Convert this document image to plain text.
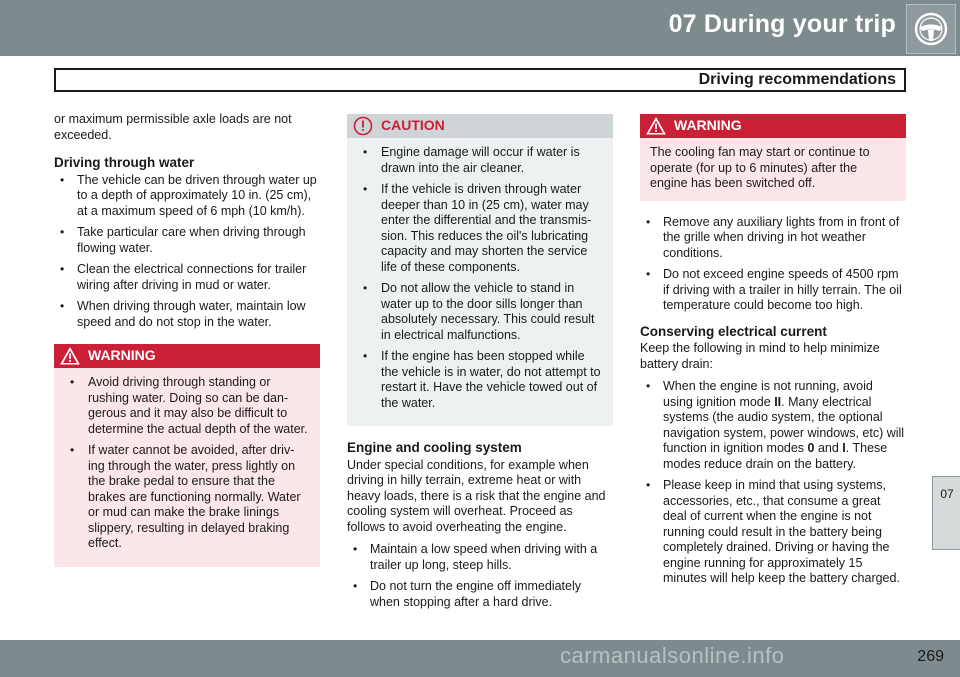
07 During your trip
Driving recommendations

or maximum permissible axle loads are not exceeded.

Driving through water
• The vehicle can be driven through water up to a depth of approximately 10 in. (25 cm), at a maximum speed of 6 mph (10 km/h).
• Take particular care when driving through flowing water.
• Clean the electrical connections for trailer wiring after driving in mud or water.
• When driving through water, maintain low speed and do not stop in the water.
WARNING
• Avoid driving through standing or rushing water. Doing so can be dan-gerous and it may also be difficult to determine the actual depth of the water.
• If water cannot be avoided, after driv-ing through the water, press lightly on the brake pedal to ensure that the brakes are functioning normally. Water or mud can make the brake linings slippery, resulting in delayed braking effect.
CAUTION
• Engine damage will occur if water is drawn into the air cleaner.
• If the vehicle is driven through water deeper than 10 in (25 cm), water may enter the differential and the transmis-sion. This reduces the oil's lubricating capacity and may shorten the service life of these components.
• Do not allow the vehicle to stand in water up to the door sills longer than absolutely necessary. This could result in electrical malfunctions.
• If the engine has been stopped while the vehicle is in water, do not attempt to restart it. Have the vehicle towed out of the water.
Engine and cooling system

Under special conditions, for example when driving in hilly terrain, extreme heat or with heavy loads, there is a risk that the engine and cooling system will overheat. Proceed as follows to avoid overheating the engine.

• Maintain a low speed when driving with a trailer up long, steep hills.
• Do not turn the engine off immediately when stopping after a hard drive.
WARNING

The cooling fan may start or continue to operate (for up to 6 minutes) after the engine has been switched off.

• Remove any auxiliary lights from in front of the grille when driving in hot weather conditions.
• Do not exceed engine speeds of 4500 rpm if driving with a trailer in hilly terrain. The oil temperature could become too high.
Conserving electrical current

Keep the following in mind to help minimize battery drain:

• When the engine is not running, avoid using ignition mode II. Many electrical systems (the audio system, the optional navigation system, power windows, etc) will function in ignition modes 0 and I. These modes reduce drain on the battery.
• Please keep in mind that using systems, accessories, etc., that consume a great deal of current when the engine is not running could result in the battery being completely drained. Driving or having the engine running for approximately 15 minutes will help keep the battery charged.
07
269
carmanualsonline.info
